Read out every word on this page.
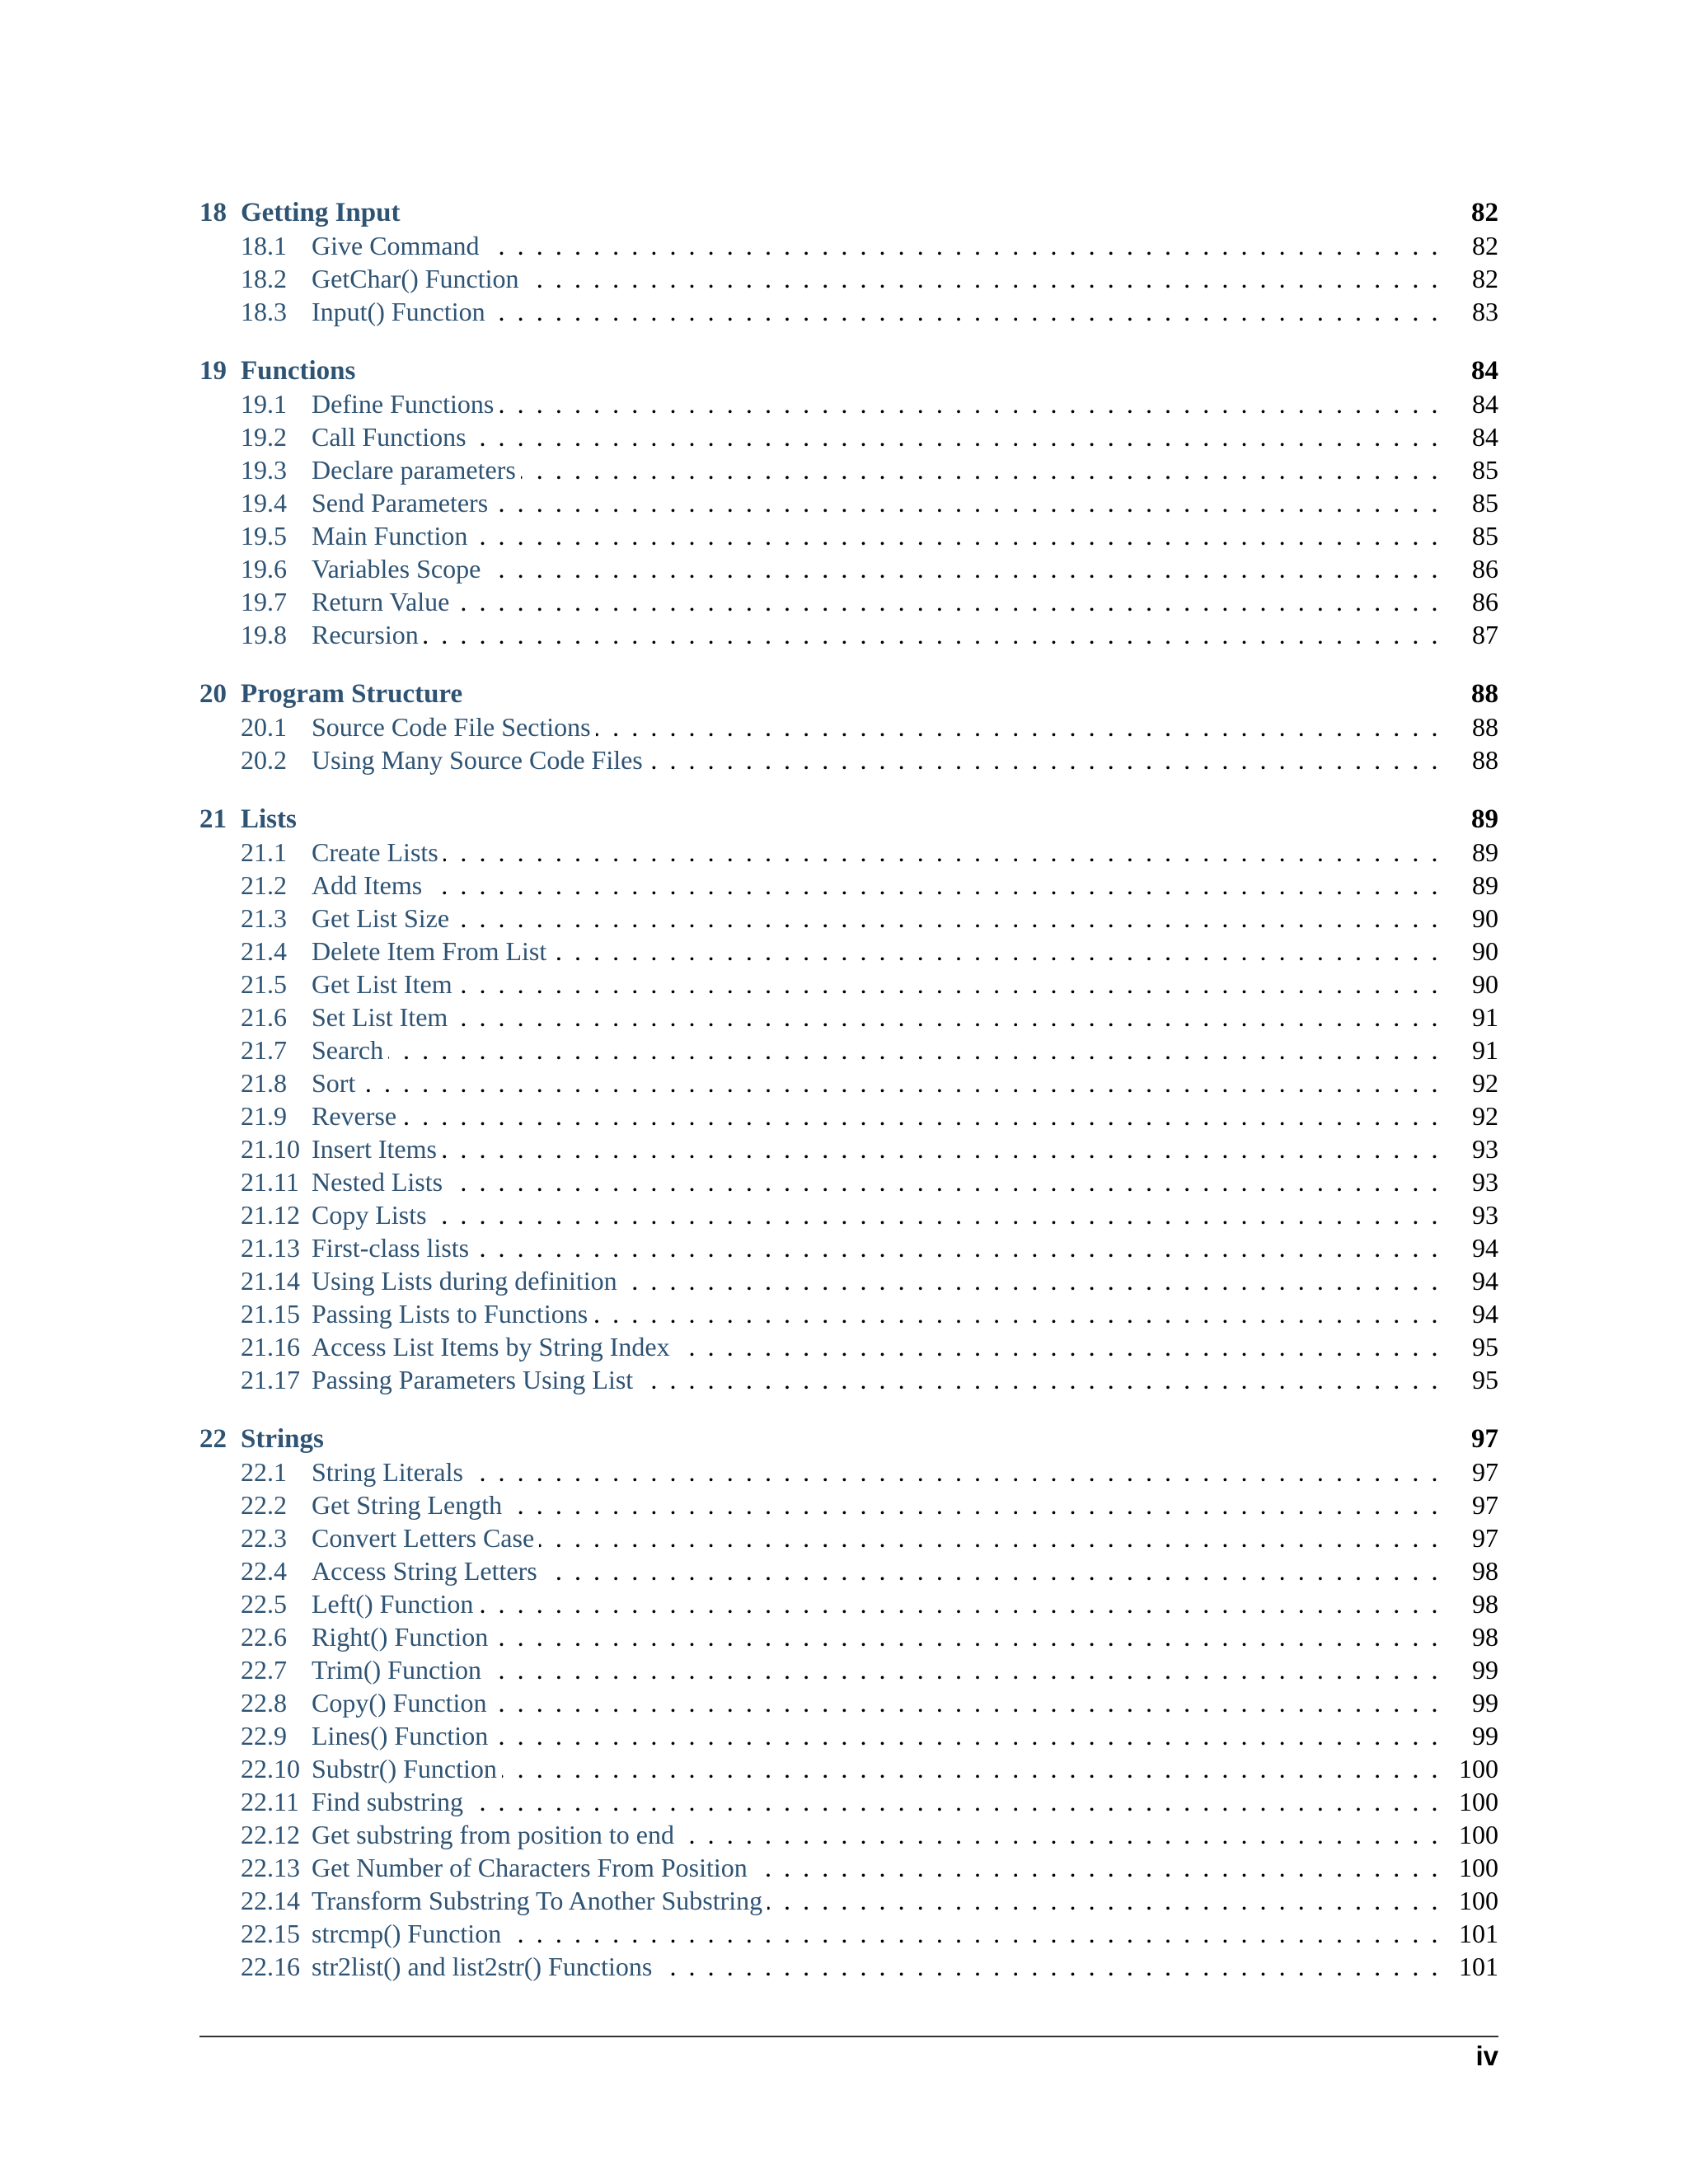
18 Getting Input	82
18.1 Give Command . . .	82
18.2 GetChar() Function . . .	82
18.3 Input() Function . . .	83
19 Functions	84
19.1 Define Functions . . .	84
19.2 Call Functions . . .	84
19.3 Declare parameters . . .	85
19.4 Send Parameters . . .	85
19.5 Main Function . . .	85
19.6 Variables Scope . . .	86
19.7 Return Value . . .	86
19.8 Recursion . . .	87
20 Program Structure	88
20.1 Source Code File Sections . . .	88
20.2 Using Many Source Code Files . . .	88
21 Lists	89
21.1 Create Lists . . .	89
21.2 Add Items . . .	89
21.3 Get List Size . . .	90
21.4 Delete Item From List . . .	90
21.5 Get List Item . . .	90
21.6 Set List Item . . .	91
21.7 Search . . .	91
21.8 Sort . . .	92
21.9 Reverse . . .	92
21.10 Insert Items . . .	93
21.11 Nested Lists . . .	93
21.12 Copy Lists . . .	93
21.13 First-class lists . . .	94
21.14 Using Lists during definition . . .	94
21.15 Passing Lists to Functions . . .	94
21.16 Access List Items by String Index . . .	95
21.17 Passing Parameters Using List . . .	95
22 Strings	97
22.1 String Literals . . .	97
22.2 Get String Length . . .	97
22.3 Convert Letters Case . . .	97
22.4 Access String Letters . . .	98
22.5 Left() Function . . .	98
22.6 Right() Function . . .	98
22.7 Trim() Function . . .	99
22.8 Copy() Function . . .	99
22.9 Lines() Function . . .	99
22.10 Substr() Function . . .	100
22.11 Find substring . . .	100
22.12 Get substring from position to end . . .	100
22.13 Get Number of Characters From Position . . .	100
22.14 Transform Substring To Another Substring . . .	100
22.15 strcmp() Function . . .	101
22.16 str2list() and list2str() Functions . . .	101
iv
